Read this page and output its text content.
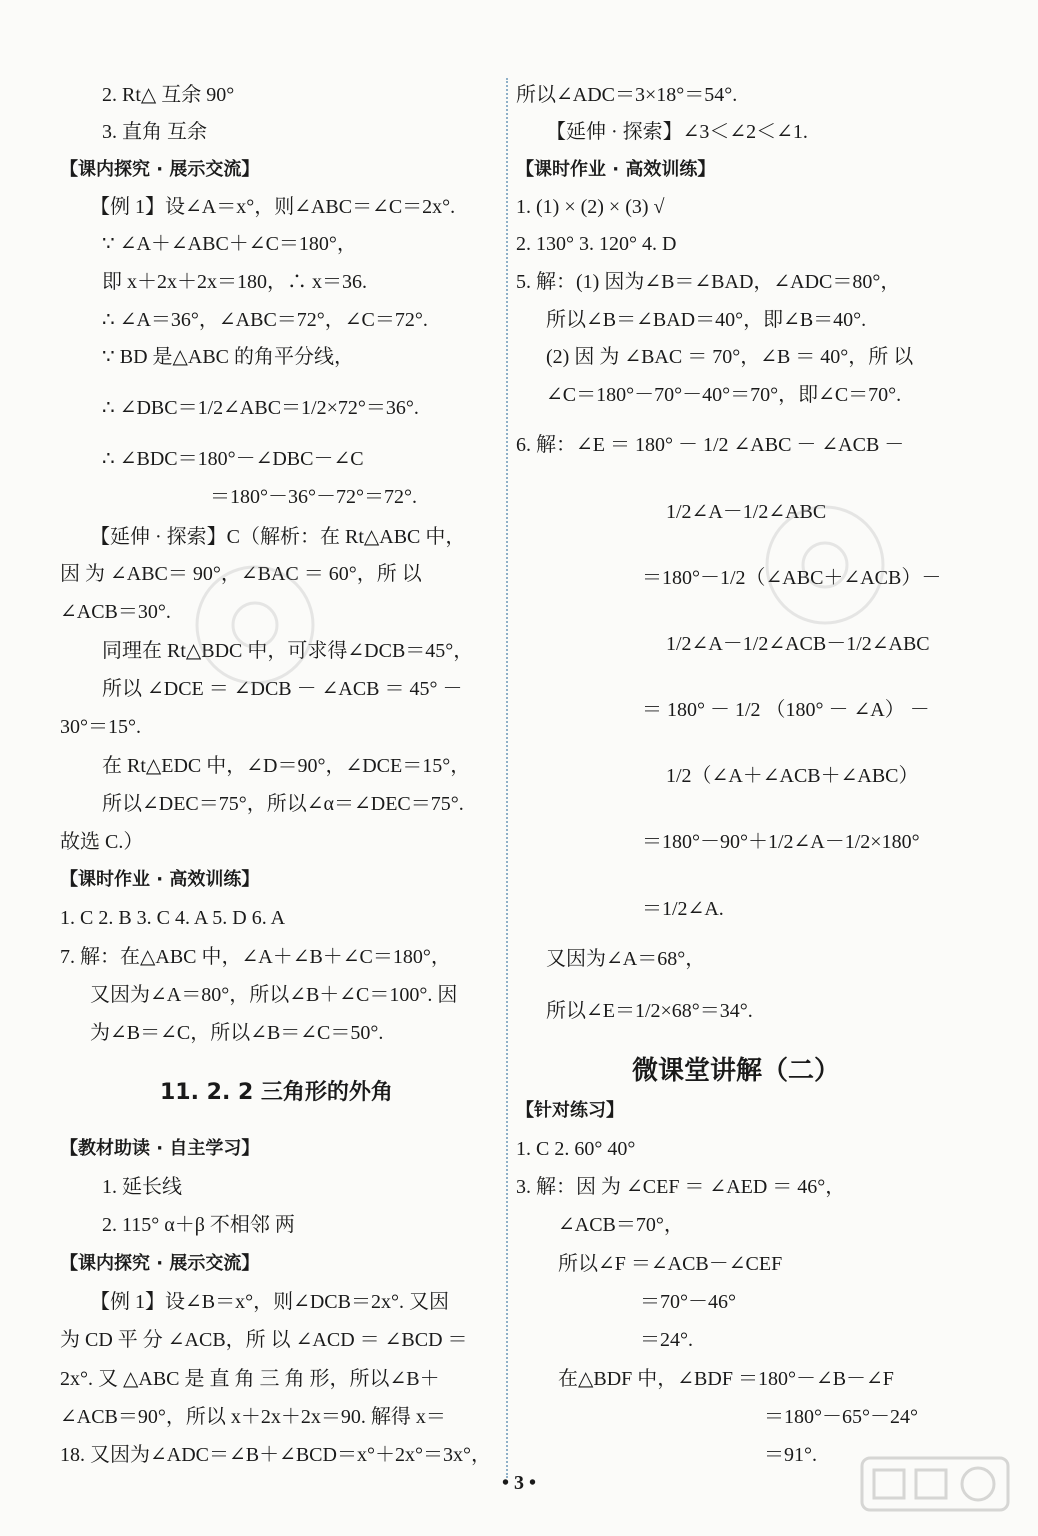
2. Rt△ 互余 90°
3. 直角 互余
【课内探究 · 展示交流】
【例 1】设∠A＝x°，则∠ABC＝∠C＝2x°.
∵ ∠A＋∠ABC＋∠C＝180°，
即 x＋2x＋2x＝180，∴ x＝36.
∴ ∠A＝36°，∠ABC＝72°，∠C＝72°.
∵ BD 是△ABC 的角平分线，
∴ ∠DBC＝1/2∠ABC＝1/2×72°＝36°.
∴ ∠BDC＝180°－∠DBC－∠C
＝180°－36°－72°＝72°.
【延伸 · 探索】C（解析：在 Rt△ABC 中，
因 为 ∠ABC＝ 90°，∠BAC ＝ 60°，所 以
∠ACB＝30°.
同理在 Rt△BDC 中，可求得∠DCB＝45°，
所以 ∠DCE ＝ ∠DCB － ∠ACB ＝ 45° －
30°＝15°.
在 Rt△EDC 中，∠D＝90°，∠DCE＝15°，
所以∠DEC＝75°，所以∠α＝∠DEC＝75°.
故选 C.）
【课时作业 · 高效训练】
1. C 2. B 3. C 4. A 5. D 6. A
7. 解：在△ABC 中，∠A＋∠B＋∠C＝180°，
又因为∠A＝80°，所以∠B＋∠C＝100°. 因
为∠B＝∠C，所以∠B＝∠C＝50°.
11. 2. 2 三角形的外角
【教材助读 · 自主学习】
1. 延长线
2. 115° α＋β 不相邻 两
【课内探究 · 展示交流】
【例 1】设∠B＝x°，则∠DCB＝2x°. 又因
为 CD 平 分 ∠ACB，所 以 ∠ACD ＝ ∠BCD ＝
2x°. 又 △ABC 是 直 角 三 角 形，所以∠B＋
∠ACB＝90°，所以 x＋2x＋2x＝90. 解得 x＝
18. 又因为∠ADC＝∠B＋∠BCD＝x°＋2x°＝3x°，
所以∠ADC＝3×18°＝54°.
【延伸 · 探索】∠3＜∠2＜∠1.
【课时作业 · 高效训练】
1. (1) × (2) × (3) √
2. 130° 3. 120° 4. D
5. 解：(1) 因为∠B＝∠BAD，∠ADC＝80°，
所以∠B＝∠BAD＝40°，即∠B＝40°.
(2) 因 为 ∠BAC ＝ 70°，∠B ＝ 40°，所 以
∠C＝180°－70°－40°＝70°，即∠C＝70°.
6. 解：∠E ＝ 180° － 1/2 ∠ABC － ∠ACB －
1/2∠A－1/2∠ABC
＝180°－1/2（∠ABC＋∠ACB）－
1/2∠A－1/2∠ACB－1/2∠ABC
＝ 180° － 1/2 （180° － ∠A） －
1/2（∠A＋∠ACB＋∠ABC）
＝180°－90°＋1/2∠A－1/2×180°
＝1/2∠A.
又因为∠A＝68°，
所以∠E＝1/2×68°＝34°.
微课堂讲解（二）
【针对练习】
1. C 2. 60° 40°
3. 解：因 为 ∠CEF ＝ ∠AED ＝ 46°，
∠ACB＝70°，
所以∠F ＝∠ACB－∠CEF
＝70°－46°
＝24°.
在△BDF 中，∠BDF ＝180°－∠B－∠F
＝180°－65°－24°
＝91°.
• 3 •
